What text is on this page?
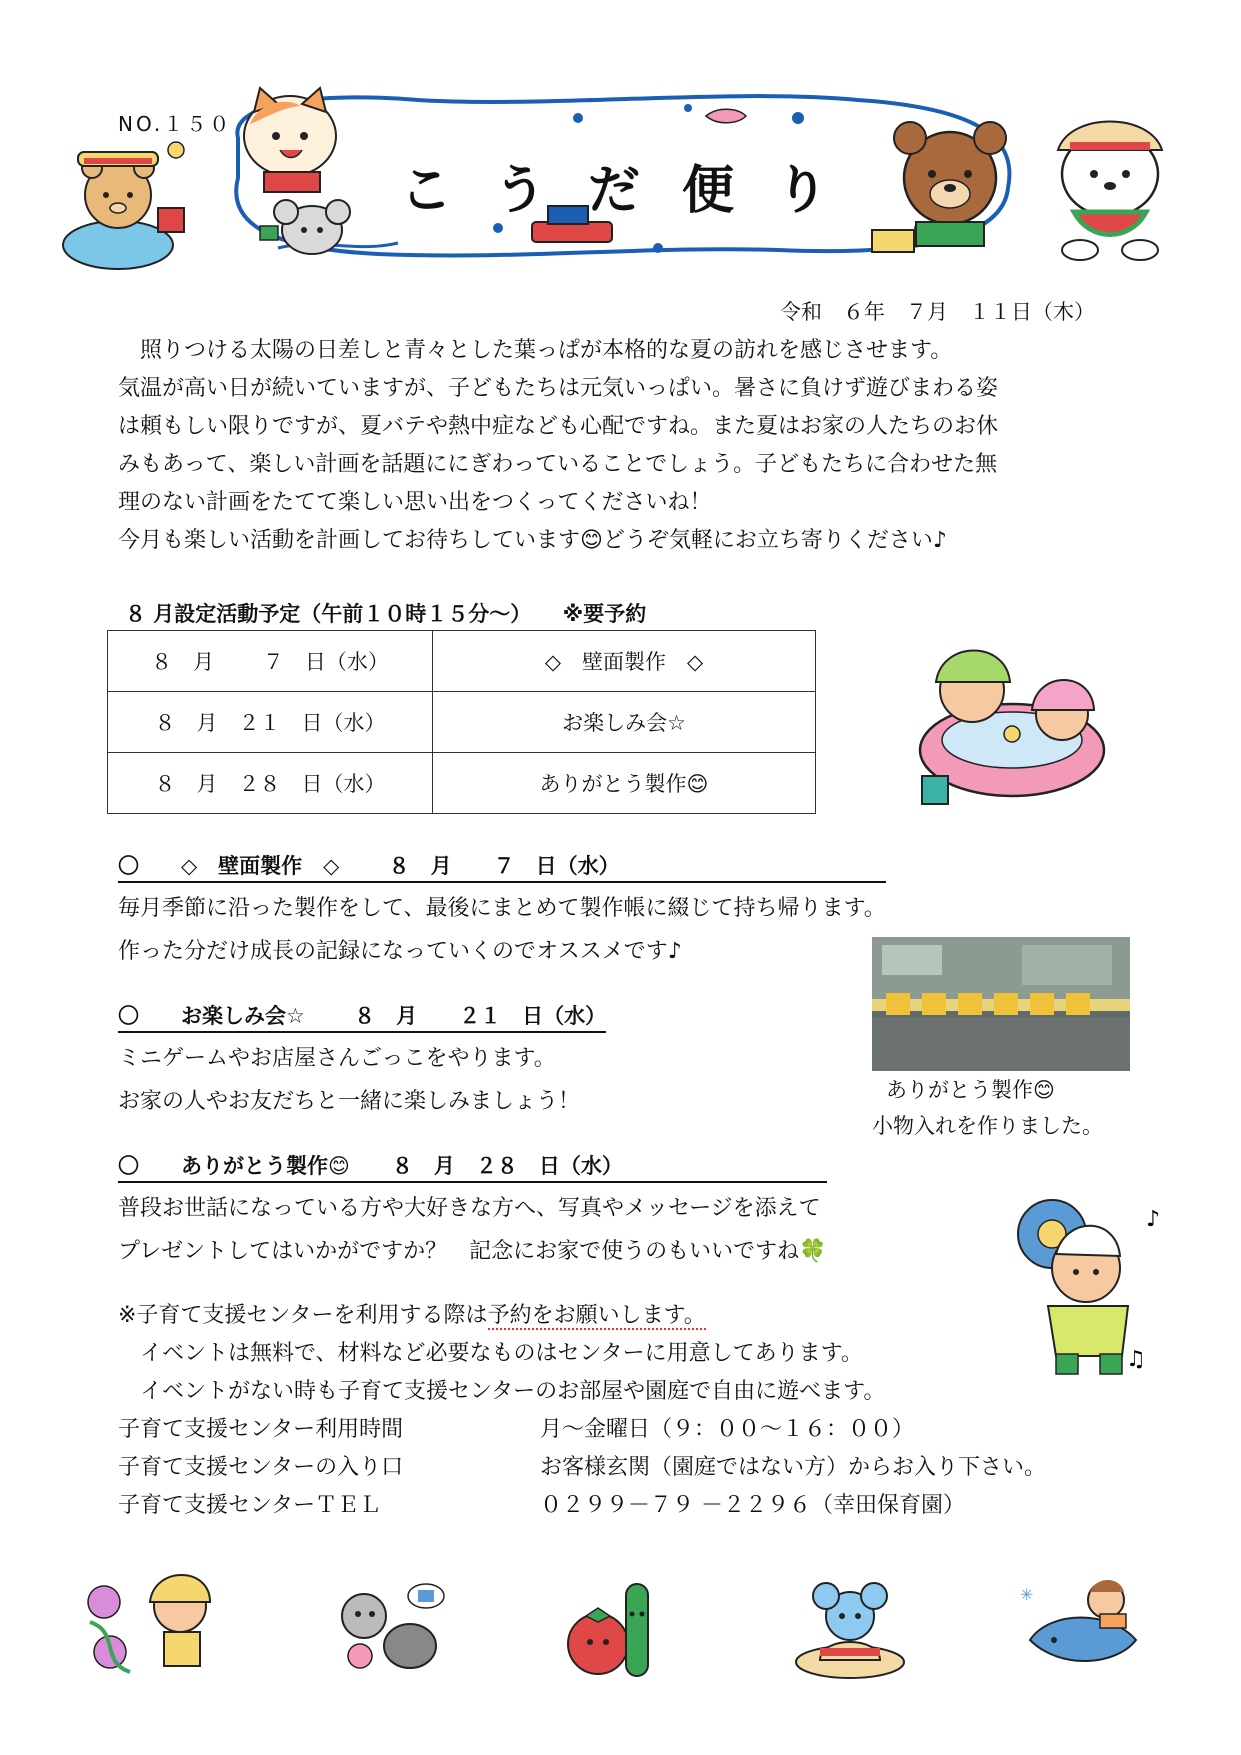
NO.１５０
こうだ便り
令和　６年　７月　１１日（木）

　照りつける太陽の日差しと青々とした葉っぱが本格的な夏の訪れを感じさせます。

気温が高い日が続いていますが、子どもたちは元気いっぱい。暑さに負けず遊びまわる姿

は頼もしい限りですが、夏バテや熱中症なども心配ですね。また夏はお家の人たちのお休

みもあって、楽しい計画を話題ににぎわっていることでしょう。子どもたちに合わせた無

理のない計画をたてて楽しい思い出をつくってくださいね！

今月も楽しい活動を計画してお待ちしています😊どうぞ気軽にお立ち寄りください♪

８ 月設定活動予定（午前１０時１５分～）　　※要予約
８　月　　 ７　日（水）	◇　壁面製作　◇
８　月　２１　日（水）	お楽しみ会☆
８　月　２８　日（水）	ありがとう製作😊
〇　　◇　壁面製作　◇　　 ８　月　　７　日（水）
毎月季節に沿った製作をして、最後にまとめて製作帳に綴じて持ち帰ります。
作った分だけ成長の記録になっていくのでオススメです♪
ありがとう製作😊
小物入れを作りました。
〇　　お楽しみ会☆　　 ８　月　　２１　日（水）
ミニゲームやお店屋さんごっこをやります。
お家の人やお友だちと一緒に楽しみましょう！
〇　　ありがとう製作😊　　８　月　２８　日（水）
普段お世話になっている方や大好きな方へ、写真やメッセージを添えて
プレゼントしてはいかがですか？　記念にお家で使うのもいいですね🍀
♪
♫
※子育て支援センターを利用する際は予約をお願いします。
　イベントは無料で、材料など必要なものはセンターに用意してあります。
　イベントがない時も子育て支援センターのお部屋や園庭で自由に遊べます。
子育て支援センター利用時間	月～金曜日（９：００～１６：００）
子育て支援センターの入り口	お客様玄関（園庭ではない方）からお入り下さい。
子育て支援センターＴＥＬ	０２９９－７９ －２２９６（幸田保育園）
✳
